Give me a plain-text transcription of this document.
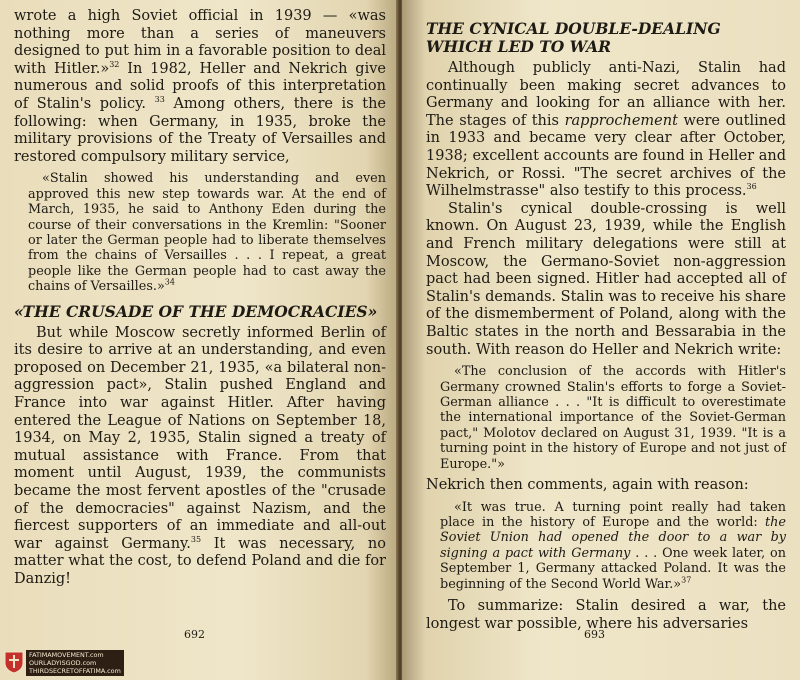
wrote a high Soviet official in 1939 — «was nothing more than a series of maneuvers designed to put him in a favorable position to deal with Hitler.»$^{32}$ In 1982, Heller and Nekrich give numerous and solid proofs of this interpretation of Stalin's policy. $^{33}$ Among others, there is the following: when Germany, in 1935, broke the military provisions of the Treaty of Versailles and restored compulsory military service,

«Stalin showed his understanding and even approved this new step towards war. At the end of March, 1935, he said to Anthony Eden during the course of their conversations in the Kremlin: "Sooner or later the German people had to liberate themselves from the chains of Versailles . . . I repeat, a great people like the German people had to cast away the chains of Versailles.»$^{34}$

«THE CRUSADE OF THE DEMOCRACIES»

But while Moscow secretly informed Berlin of its desire to arrive at an understanding, and even proposed on December 21, 1935, «a bilateral non-aggression pact», Stalin pushed England and France into war against Hitler. After having entered the League of Nations on September 18, 1934, on May 2, 1935, Stalin signed a treaty of mutual assistance with France. From that moment until August, 1939, the communists became the most fervent apostles of the "crusade of the democracies" against Nazism, and the fiercest supporters of an immediate and all-out war against Germany.$^{35}$ It was necessary, no matter what the cost, to defend Poland and die for Danzig!

692
FATIMAMOVEMENT.com
OURLADYISGOD.com
THIRDSECRETOFFATIMA.com

THE CYNICAL DOUBLE-DEALING WHICH LED TO WAR

Although publicly anti-Nazi, Stalin had continually been making secret advances to Germany and looking for an alliance with her. The stages of this rapprochement were outlined in 1933 and became very clear after October, 1938; excellent accounts are found in Heller and Nekrich, or Rossi. "The secret archives of the Wilhelmstrasse" also testify to this process.$^{36}$

Stalin's cynical double-crossing is well known. On August 23, 1939, while the English and French military delegations were still at Moscow, the Germano-Soviet non-aggression pact had been signed. Hitler had accepted all of Stalin's demands. Stalin was to receive his share of the dismemberment of Poland, along with the Baltic states in the north and Bessarabia in the south. With reason do Heller and Nekrich write:

«The conclusion of the accords with Hitler's Germany crowned Stalin's efforts to forge a Soviet-German alliance . . . "It is difficult to overestimate the international importance of the Soviet-German pact," Molotov declared on August 31, 1939. "It is a turning point in the history of Europe and not just of Europe."»

Nekrich then comments, again with reason:

«It was true. A turning point really had taken place in the history of Europe and the world: the Soviet Union had opened the door to a war by signing a pact with Germany . . . One week later, on September 1, Germany attacked Poland. It was the beginning of the Second World War.»$^{37}$

To summarize: Stalin desired a war, the longest war possible, where his adversaries

693
